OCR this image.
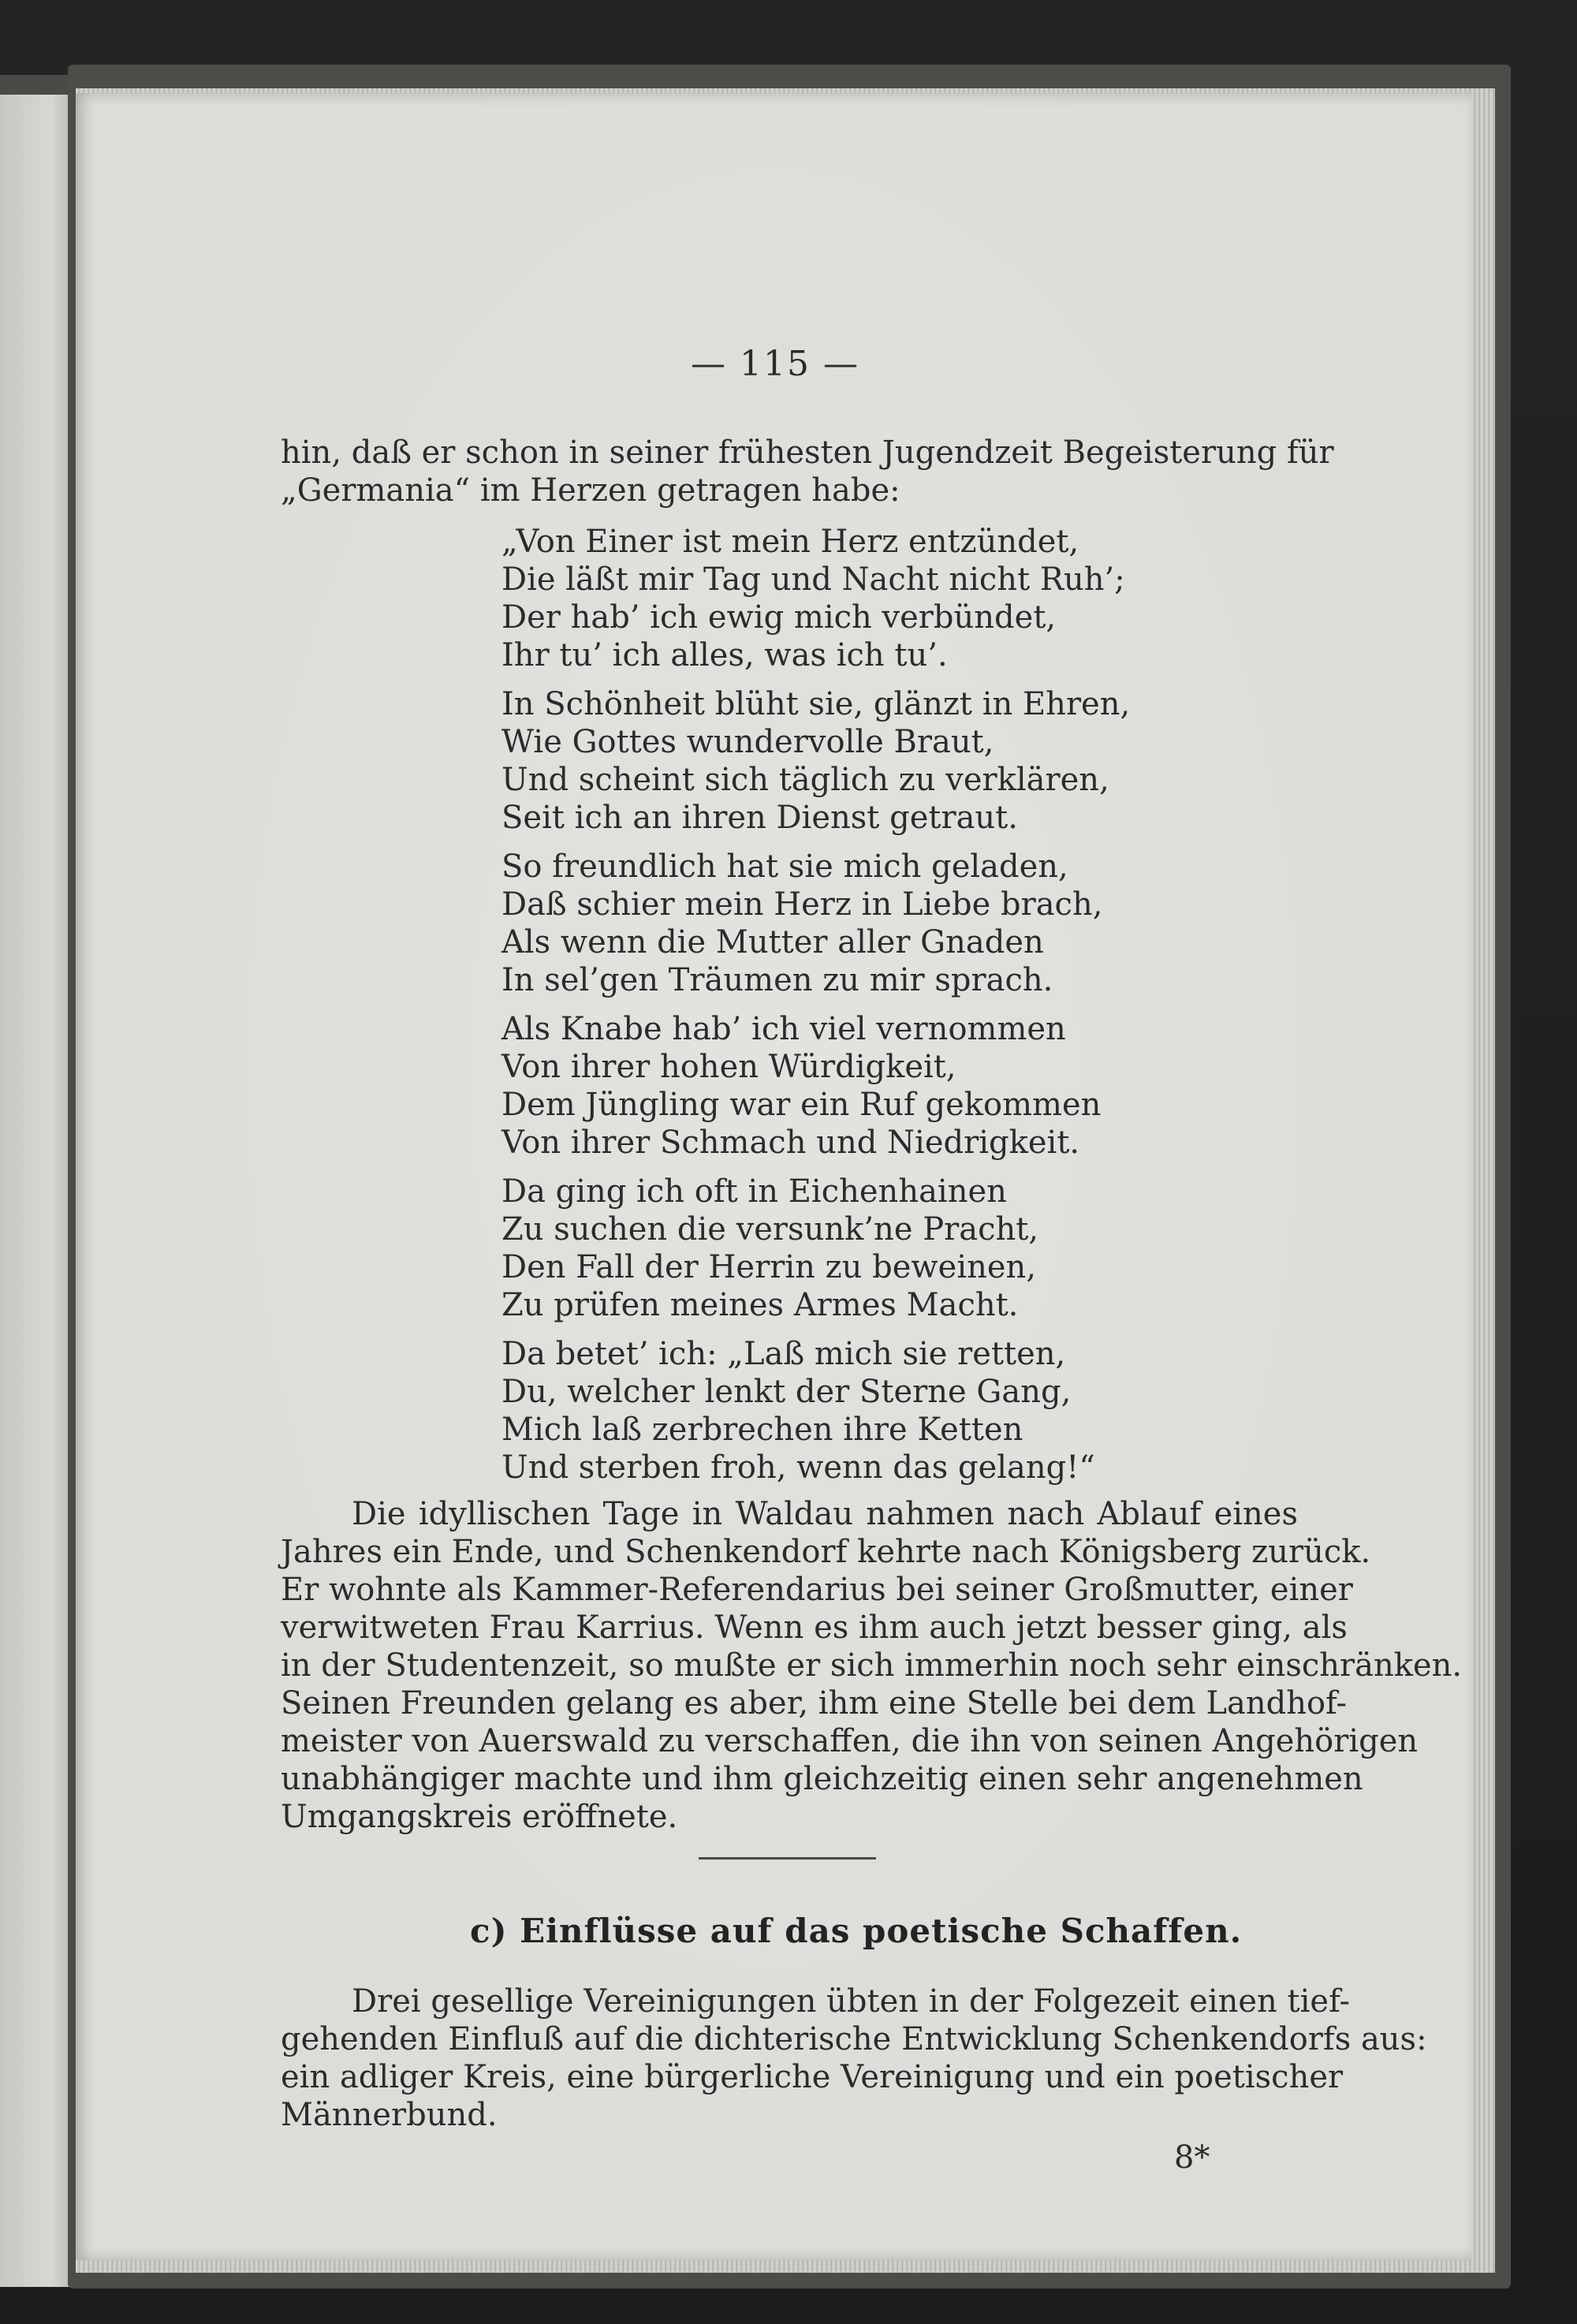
— 115 —
hin, daß er schon in seiner frühesten Jugendzeit Begeisterung für
„Germania“ im Herzen getragen habe:
„Von Einer ist mein Herz entzündet,
Die läßt mir Tag und Nacht nicht Ruh’;
Der hab’ ich ewig mich verbündet,
Ihr tu’ ich alles, was ich tu’.
In Schönheit blüht sie, glänzt in Ehren,
Wie Gottes wundervolle Braut,
Und scheint sich täglich zu verklären,
Seit ich an ihren Dienst getraut.
So freundlich hat sie mich geladen,
Daß schier mein Herz in Liebe brach,
Als wenn die Mutter aller Gnaden
In sel’gen Träumen zu mir sprach.
Als Knabe hab’ ich viel vernommen
Von ihrer hohen Würdigkeit,
Dem Jüngling war ein Ruf gekommen
Von ihrer Schmach und Niedrigkeit.
Da ging ich oft in Eichenhainen
Zu suchen die versunk’ne Pracht,
Den Fall der Herrin zu beweinen,
Zu prüfen meines Armes Macht.
Da betet’ ich: „Laß mich sie retten,
Du, welcher lenkt der Sterne Gang,
Mich laß zerbrechen ihre Ketten
Und sterben froh, wenn das gelang!“
Die idyllischen Tage in Waldau nahmen nach Ablauf eines
Jahres ein Ende, und Schenkendorf kehrte nach Königsberg zurück.
Er wohnte als Kammer-Referendarius bei seiner Großmutter, einer
verwitweten Frau Karrius. Wenn es ihm auch jetzt besser ging, als
in der Studentenzeit, so mußte er sich immerhin noch sehr einschränken.
Seinen Freunden gelang es aber, ihm eine Stelle bei dem Landhof-
meister von Auerswald zu verschaffen, die ihn von seinen Angehörigen
unabhängiger machte und ihm gleichzeitig einen sehr angenehmen
Umgangskreis eröffnete.
c) Einflüsse auf das poetische Schaffen.
Drei gesellige Vereinigungen übten in der Folgezeit einen tief-
gehenden Einfluß auf die dichterische Entwicklung Schenkendorfs aus:
ein adliger Kreis, eine bürgerliche Vereinigung und ein poetischer
Männerbund.
8*
